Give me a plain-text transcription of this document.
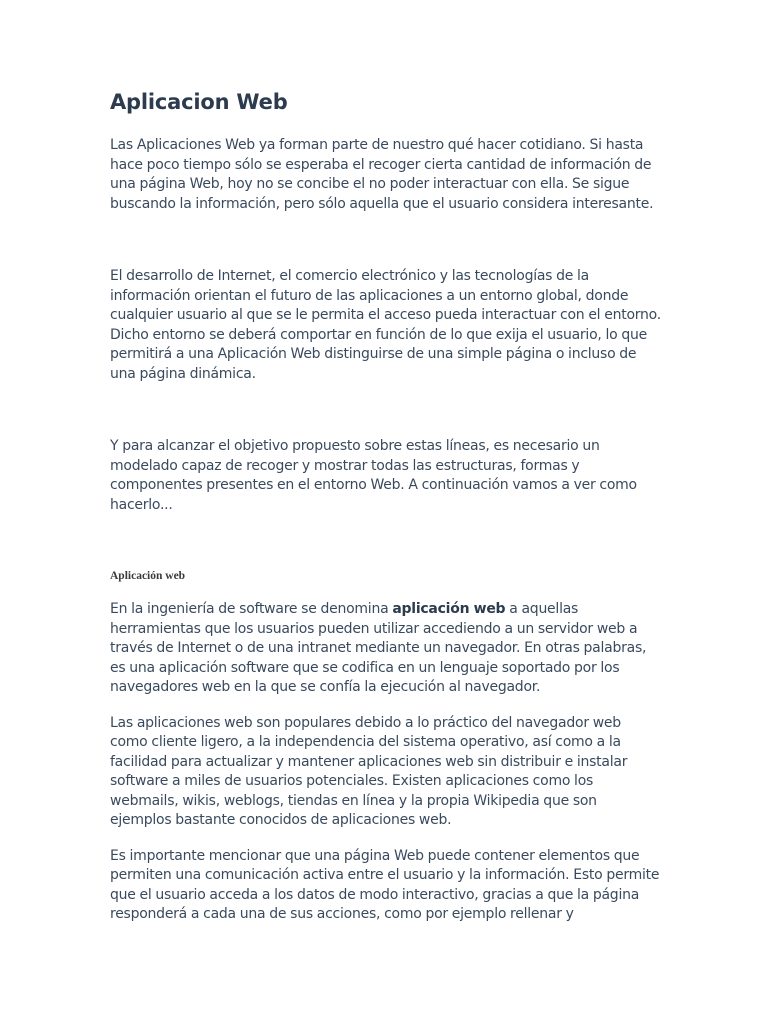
Aplicacion Web

Las Aplicaciones Web ya forman parte de nuestro qué hacer cotidiano. Si hasta hace poco tiempo sólo se esperaba el recoger cierta cantidad de información de una página Web, hoy no se concibe el no poder interactuar con ella. Se sigue buscando la información, pero sólo aquella que el usuario considera interesante.

El desarrollo de Internet, el comercio electrónico y las tecnologías de la información orientan el futuro de las aplicaciones a un entorno global, donde cualquier usuario al que se le permita el acceso pueda interactuar con el entorno. Dicho entorno se deberá comportar en función de lo que exija el usuario, lo que permitirá a una Aplicación Web distinguirse de una simple página o incluso de una página dinámica.

Y para alcanzar el objetivo propuesto sobre estas líneas, es necesario un modelado capaz de recoger y mostrar todas las estructuras, formas y componentes presentes en el entorno Web. A continuación vamos a ver como hacerlo...

Aplicación web

En la ingeniería de software se denomina aplicación web a aquellas herramientas que los usuarios pueden utilizar accediendo a un servidor web a través de Internet o de una intranet mediante un navegador. En otras palabras, es una aplicación software que se codifica en un lenguaje soportado por los navegadores web en la que se confía la ejecución al navegador.

Las aplicaciones web son populares debido a lo práctico del navegador web como cliente ligero, a la independencia del sistema operativo, así como a la facilidad para actualizar y mantener aplicaciones web sin distribuir e instalar software a miles de usuarios potenciales. Existen aplicaciones como los webmails, wikis, weblogs, tiendas en línea y la propia Wikipedia que son ejemplos bastante conocidos de aplicaciones web.

Es importante mencionar que una página Web puede contener elementos que permiten una comunicación activa entre el usuario y la información. Esto permite que el usuario acceda a los datos de modo interactivo, gracias a que la página responderá a cada una de sus acciones, como por ejemplo rellenar y
